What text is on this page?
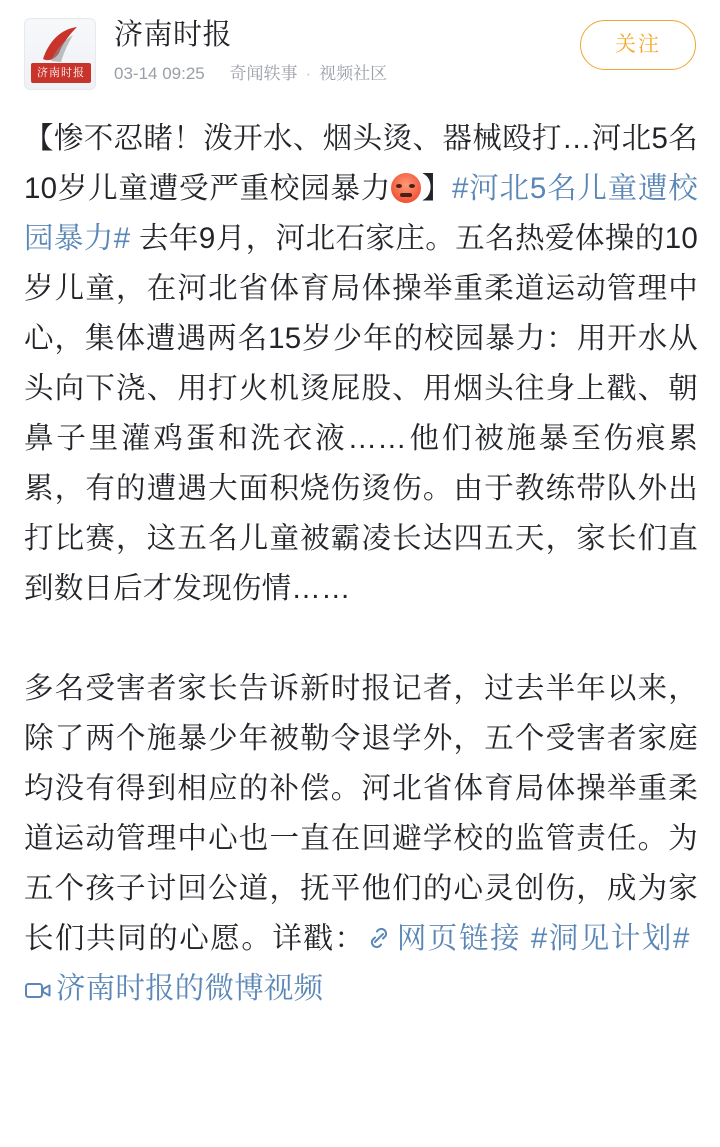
济南时报
济南时报
03-14 09:25
奇闻轶事 · 视频社区
关注
【惨不忍睹！泼开水、烟头烫、器械殴打…河北5名10岁儿童遭受严重校园暴力 】#河北5名儿童遭校园暴力# 去年9月，河北石家庄。五名热爱体操的10岁儿童，在河北省体育局体操举重柔道运动管理中心，集体遭遇两名15岁少年的校园暴力：用开水从头向下浇、用打火机烫屁股、用烟头往身上戳、朝鼻子里灌鸡蛋和洗衣液……他们被施暴至伤痕累累，有的遭遇大面积烧伤烫伤。由于教练带队外出打比赛，这五名儿童被霸凌长达四五天，家长们直到数日后才发现伤情……
多名受害者家长告诉新时报记者，过去半年以来，除了两个施暴少年被勒令退学外，五个受害者家庭均没有得到相应的补偿。河北省体育局体操举重柔道运动管理中心也一直在回避学校的监管责任。为五个孩子讨回公道，抚平他们的心灵创伤，成为家长们共同的心愿。详戳： 网页链接 #洞见计划# 济南时报的微博视频
